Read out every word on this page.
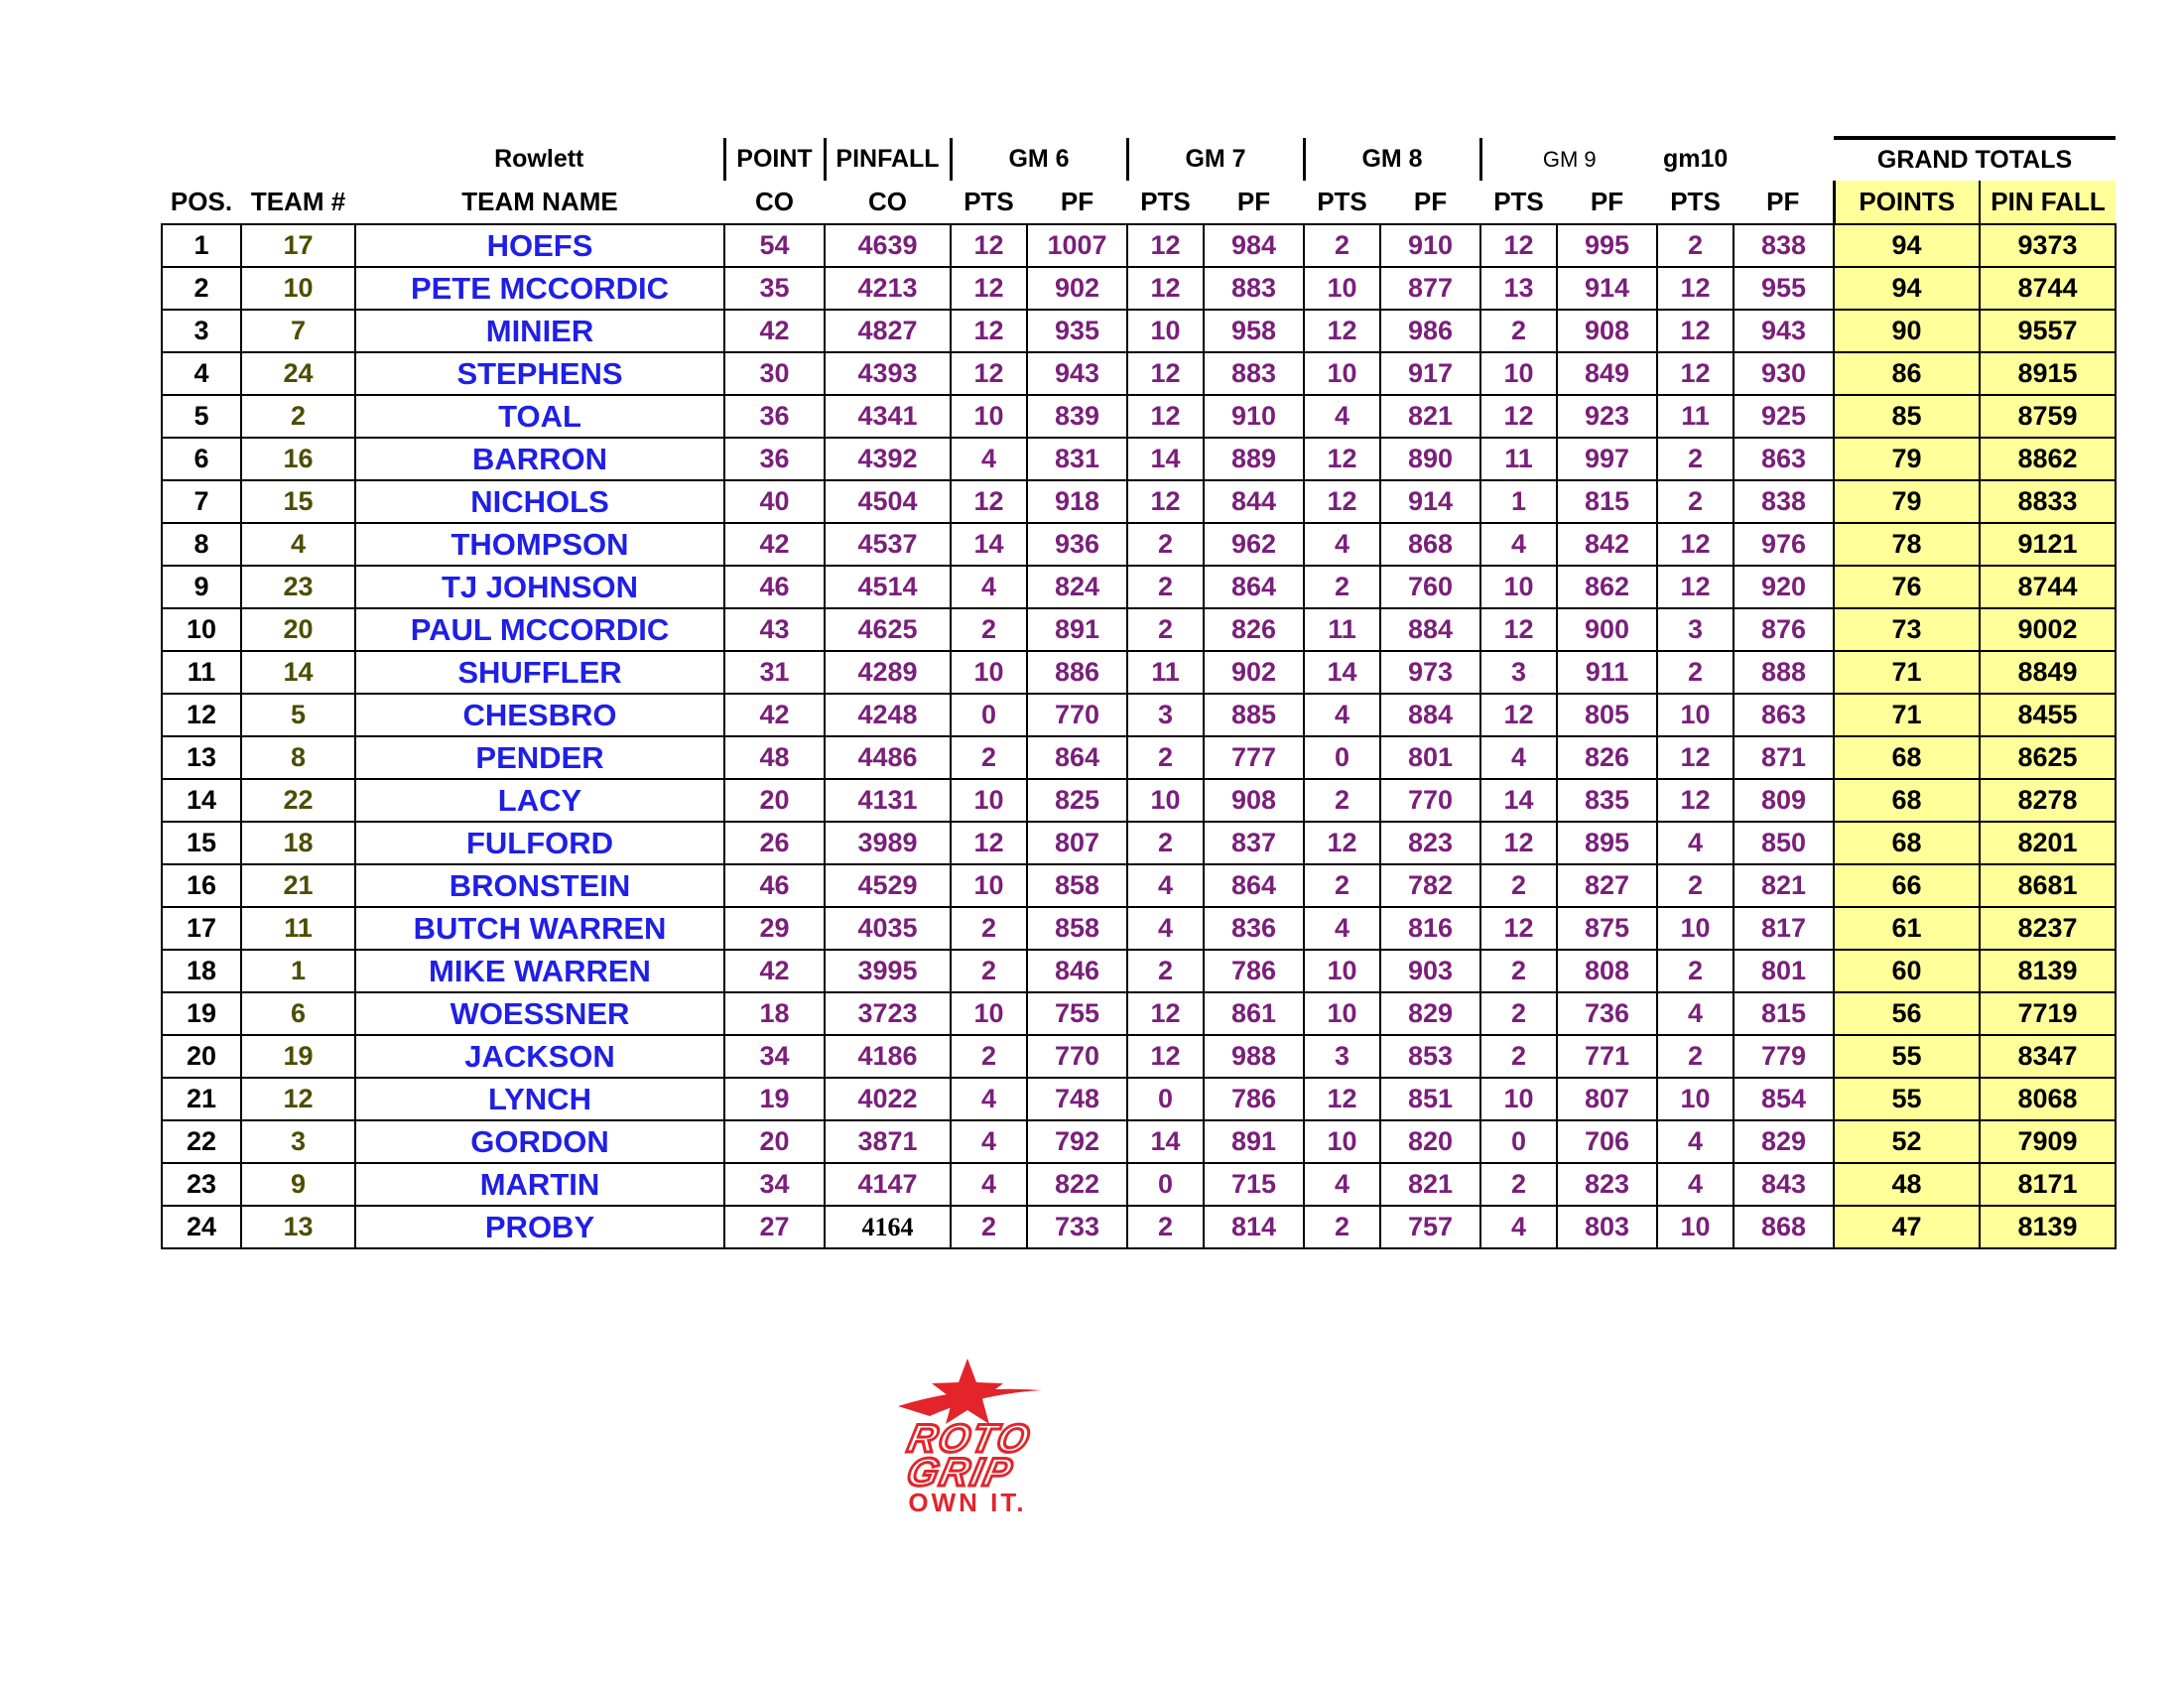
		Rowlett	POINT	PINFALL	GM 6		GM 7		GM 8		GM 9		gm10		GRAND TOTALS	
POS.	TEAM #	TEAM NAME	CO	CO	PTS	PF	PTS	PF	PTS	PF	PTS	PF	PTS	PF	POINTS	PIN FALL
1	17	HOEFS	54	4639	12	1007	12	984	2	910	12	995	2	838	94	9373
2	10	PETE MCCORDIC	35	4213	12	902	12	883	10	877	13	914	12	955	94	8744
3	7	MINIER	42	4827	12	935	10	958	12	986	2	908	12	943	90	9557
4	24	STEPHENS	30	4393	12	943	12	883	10	917	10	849	12	930	86	8915
5	2	TOAL	36	4341	10	839	12	910	4	821	12	923	11	925	85	8759
6	16	BARRON	36	4392	4	831	14	889	12	890	11	997	2	863	79	8862
7	15	NICHOLS	40	4504	12	918	12	844	12	914	1	815	2	838	79	8833
8	4	THOMPSON	42	4537	14	936	2	962	4	868	4	842	12	976	78	9121
9	23	TJ JOHNSON	46	4514	4	824	2	864	2	760	10	862	12	920	76	8744
10	20	PAUL MCCORDIC	43	4625	2	891	2	826	11	884	12	900	3	876	73	9002
11	14	SHUFFLER	31	4289	10	886	11	902	14	973	3	911	2	888	71	8849
12	5	CHESBRO	42	4248	0	770	3	885	4	884	12	805	10	863	71	8455
13	8	PENDER	48	4486	2	864	2	777	0	801	4	826	12	871	68	8625
14	22	LACY	20	4131	10	825	10	908	2	770	14	835	12	809	68	8278
15	18	FULFORD	26	3989	12	807	2	837	12	823	12	895	4	850	68	8201
16	21	BRONSTEIN	46	4529	10	858	4	864	2	782	2	827	2	821	66	8681
17	11	BUTCH WARREN	29	4035	2	858	4	836	4	816	12	875	10	817	61	8237
18	1	MIKE WARREN	42	3995	2	846	2	786	10	903	2	808	2	801	60	8139
19	6	WOESSNER	18	3723	10	755	12	861	10	829	2	736	4	815	56	7719
20	19	JACKSON	34	4186	2	770	12	988	3	853	2	771	2	779	55	8347
21	12	LYNCH	19	4022	4	748	0	786	12	851	10	807	10	854	55	8068
22	3	GORDON	20	3871	4	792	14	891	10	820	0	706	4	829	52	7909
23	9	MARTIN	34	4147	4	822	0	715	4	821	2	823	4	843	48	8171
24	13	PROBY	27	4164	2	733	2	814	2	757	4	803	10	868	47	8139
ROTO
GRIP
OWN IT.
